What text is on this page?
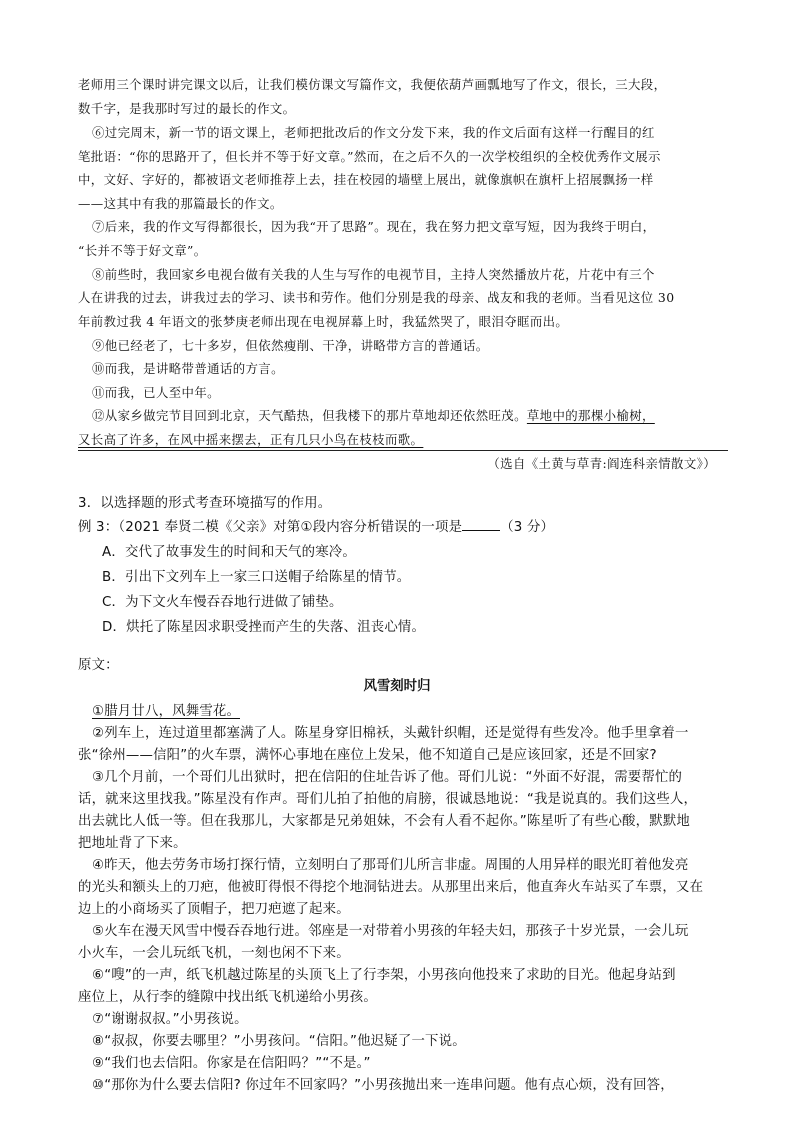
老师用三个课时讲完课文以后，让我们模仿课文写篇作文，我便依葫芦画瓢地写了作文，很长，三大段，
数千字，是我那时写过的最长的作文。
⑥过完周末，新一节的语文课上，老师把批改后的作文分发下来，我的作文后面有这样一行醒目的红
笔批语：“你的思路开了，但长并不等于好文章。”然而，在之后不久的一次学校组织的全校优秀作文展示
中，文好、字好的，都被语文老师推荐上去，挂在校园的墙壁上展出，就像旗帜在旗杆上招展飘扬一样
——这其中有我的那篇最长的作文。
⑦后来，我的作文写得都很长，因为我“开了思路”。现在，我在努力把文章写短，因为我终于明白，
“长并不等于好文章”。
⑧前些时，我回家乡电视台做有关我的人生与写作的电视节目，主持人突然播放片花，片花中有三个
人在讲我的过去，讲我过去的学习、读书和劳作。他们分别是我的母亲、战友和我的老师。当看见这位 30
年前教过我 4 年语文的张梦庚老师出现在电视屏幕上时，我猛然哭了，眼泪夺眶而出。
⑨他已经老了，七十多岁，但依然瘦削、干净，讲略带方言的普通话。
⑩而我，是讲略带普通话的方言。
⑪而我，已人至中年。
⑫从家乡做完节目回到北京，天气酷热，但我楼下的那片草地却还依然旺茂。草地中的那棵小榆树，
又长高了许多，在风中摇来摆去，正有几只小鸟在枝枝而歌。
（选自《土黄与草青:阎连科亲情散文》）
3．以选择题的形式考查环境描写的作用。
例 3：（2021 奉贤二模《父亲》对第①段内容分析错误的一项是	（3 分）
A．交代了故事发生的时间和天气的寒冷。
B．引出下文列车上一家三口送帽子给陈星的情节。
C．为下文火车慢吞吞地行进做了铺垫。
D．烘托了陈星因求职受挫而产生的失落、沮丧心情。
原文：
风雪刻时归
①腊月廿八，风舞雪花。
②列车上，连过道里都塞满了人。陈星身穿旧棉袄，头戴针织帽，还是觉得有些发冷。他手里拿着一
张“徐州——信阳”的火车票，满怀心事地在座位上发呆，他不知道自己是应该回家，还是不回家?
③几个月前，一个哥们儿出狱时，把在信阳的住址告诉了他。哥们儿说：“外面不好混，需要帮忙的
话，就来这里找我。”陈星没有作声。哥们儿拍了拍他的肩膀，很诚恳地说：“我是说真的。我们这些人，
出去就比人低一等。但在我那儿，大家都是兄弟姐妹，不会有人看不起你。”陈星听了有些心酸，默默地
把地址背了下来。
④昨天，他去劳务市场打探行情，立刻明白了那哥们儿所言非虚。周围的人用异样的眼光盯着他发亮
的光头和额头上的刀疤，他被盯得恨不得挖个地洞钻进去。从那里出来后，他直奔火车站买了车票，又在
边上的小商场买了顶帽子，把刀疤遮了起来。
⑤火车在漫天风雪中慢吞吞地行进。邻座是一对带着小男孩的年轻夫妇，那孩子十岁光景，一会儿玩
小火车，一会儿玩纸飞机，一刻也闲不下来。
⑥“嗖”的一声，纸飞机越过陈星的头顶飞上了行李架，小男孩向他投来了求助的目光。他起身站到
座位上，从行李的缝隙中找出纸飞机递给小男孩。
⑦“谢谢叔叔。”小男孩说。
⑧“叔叔，你要去哪里？”小男孩问。“信阳。”他迟疑了一下说。
⑨“我们也去信阳。你家是在信阳吗？”“不是。”
⑩“那你为什么要去信阳? 你过年不回家吗？”小男孩抛出来一连串问题。他有点心烦，没有回答，
